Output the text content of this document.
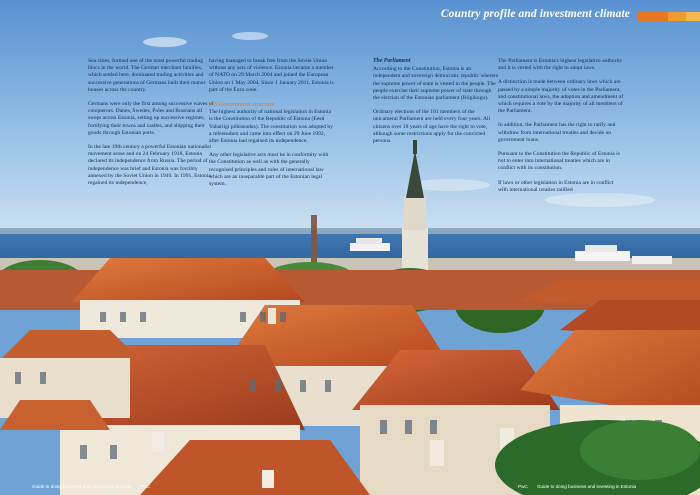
Country profile and investment climate

Sea cities, formed one of the most powerful trading blocs in the world. The German merchant families, which settled here, dominated trading activities and successive generations of Germans built their manor houses across the country.

Germans were only the first among successive waves of conquerors. Danes, Swedes, Poles and Russians all swept across Estonia, setting up successive regimes, fortifying their towns and castles, and shipping their goods through Estonian ports.

In the late 19th century a powerful Estonian nationalist movement arose and on 24 February 1918, Estonia declared its independence from Russia. The period of independence was brief and Estonia was forcibly annexed by the Soviet Union in 1940. In 1991, Estonia regained its independence,

having managed to break free from the Soviet Union without any acts of violence. Estonia became a member of NATO on 29 March 2004 and joined the European Union on 1 May 2004. Since 1 January 2011, Estonia is part of the Euro zone.

1.3 Government structure

The highest authority of national legislation in Estonia is the Constitution of the Republic of Estonia (Eesti Vabariigi põhiseadus). The constitution was adopted by a referendum and came into effect on 29 June 1992, after Estonia had regained its independence.

Any other legislative acts must be in conformity with the Constitution as well as with the generally recognised principles and rules of international law which are an inseparable part of the Estonian legal system.

The Parliament

According to the Constitution, Estonia is an independent and sovereign democratic republic wherein the supreme power of state is vested in the people. The people exercise their supreme power of state through the election of the Estonian parliament (Riigikogu).

Ordinary elections of the 101 members of the unicameral Parliament are held every four years. All citizens over 18 years of age have the right to vote, although some restrictions apply for the convicted persons.

The Parliament is Estonia's highest legislative authority and it is vested with the right to adopt laws.

A distinction is made between ordinary laws which are passed by a simple majority of votes in the Parliament, and constitutional laws, the adoption and amendment of which requires a vote by the majority of all members of the Parliament.

In addition, the Parliament has the right to ratify and withdraw from international treaties and decide on government loans.

Pursuant to the Constitution the Republic of Estonia is not to enter into international treaties which are in conflict with its constitution.

If laws or other legislation in Estonia are in conflict with international treaties ratified

Guide to doing business and investing in Estonia PwC	PwC Guide to doing business and investing in Estonia
